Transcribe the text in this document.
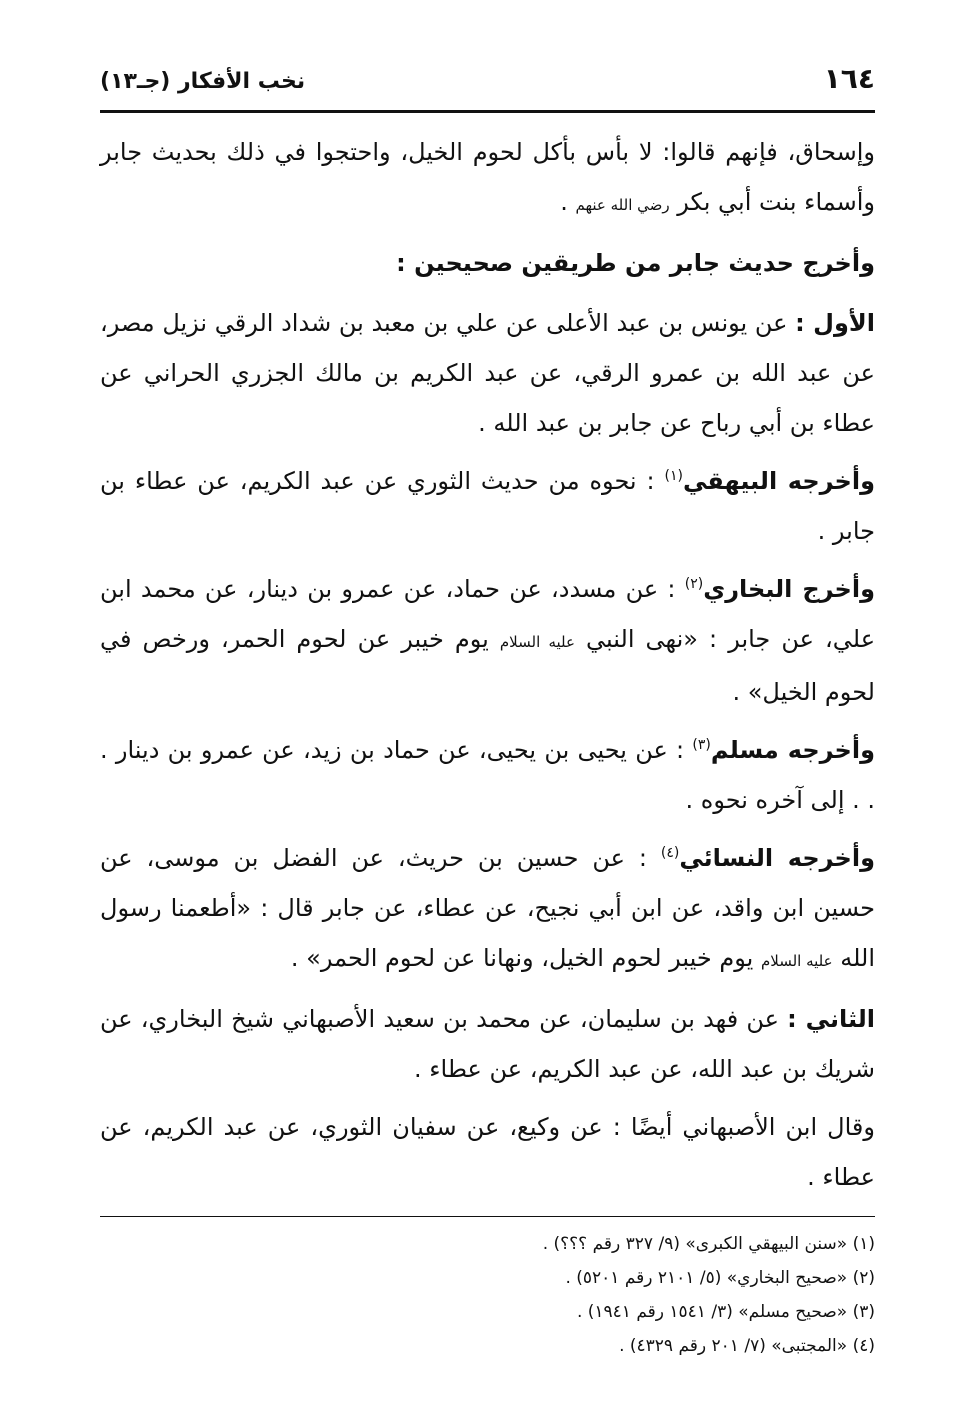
١٦٤
نخب الأفكار (جـ١٣)

وإسحاق، فإنهم قالوا: لا بأس بأكل لحوم الخيل، واحتجوا في ذلك بحديث جابر وأسماء بنت أبي بكر رضي الله عنهم .

وأخرج حديث جابر من طريقين صحيحين :

الأول : عن يونس بن عبد الأعلى عن علي بن معبد بن شداد الرقي نزيل مصر، عن عبد الله بن عمرو الرقي، عن عبد الكريم بن مالك الجزري الحراني عن عطاء بن أبي رباح عن جابر بن عبد الله .

وأخرجه البيهقي$^{(١)}$ : نحوه من حديث الثوري عن عبد الكريم، عن عطاء بن جابر .

وأخرج البخاري$^{(٢)}$ : عن مسدد، عن حماد، عن عمرو بن دينار، عن محمد ابن علي، عن جابر : «نهى النبي عليه السلام يوم خيبر عن لحوم الحمر، ورخص في لحوم الخيل» .

وأخرجه مسلم$^{(٣)}$ : عن يحيى بن يحيى، عن حماد بن زيد، عن عمرو بن دينار . . . إلى آخره نحوه .

وأخرجه النسائي$^{(٤)}$ : عن حسين بن حريث، عن الفضل بن موسى، عن حسين ابن واقد، عن ابن أبي نجيح، عن عطاء، عن جابر قال : «أطعمنا رسول الله عليه السلام يوم خيبر لحوم الخيل، ونهانا عن لحوم الحمر» .

الثاني : عن فهد بن سليمان، عن محمد بن سعيد الأصبهاني شيخ البخاري، عن شريك بن عبد الله، عن عبد الكريم، عن عطاء .

وقال ابن الأصبهاني أيضًا : عن وكيع، عن سفيان الثوري، عن عبد الكريم، عن عطاء .

(١) «سنن البيهقي الكبرى» (٩/ ٣٢٧ رقم ؟؟؟) .

(٢) «صحيح البخاري» (٥/ ٢١٠١ رقم ٥٢٠١) .

(٣) «صحيح مسلم» (٣/ ١٥٤١ رقم ١٩٤١) .

(٤) «المجتبى» (٧/ ٢٠١ رقم ٤٣٢٩) .
